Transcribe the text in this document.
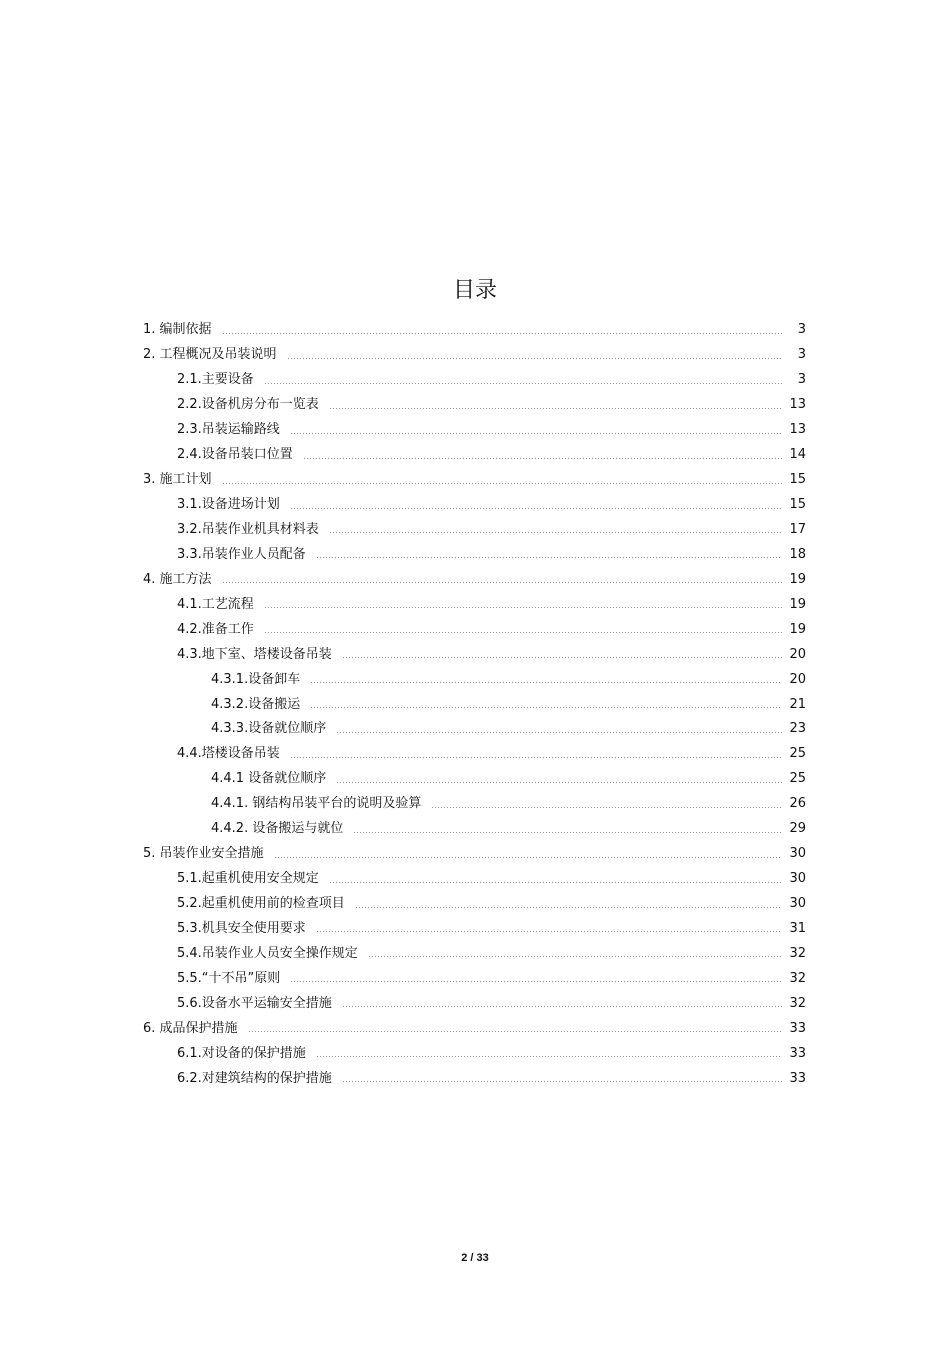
目录
1. 编制依据	3
2. 工程概况及吊装说明	3
2.1.主要设备	3
2.2.设备机房分布一览表	13
2.3.吊装运输路线	13
2.4.设备吊装口位置	14
3. 施工计划	15
3.1.设备进场计划	15
3.2.吊装作业机具材料表	17
3.3.吊装作业人员配备	18
4. 施工方法	19
4.1.工艺流程	19
4.2.准备工作	19
4.3.地下室、塔楼设备吊装	20
4.3.1.设备卸车	20
4.3.2.设备搬运	21
4.3.3.设备就位顺序	23
4.4.塔楼设备吊装	25
4.4.1 设备就位顺序	25
4.4.1. 钢结构吊装平台的说明及验算	26
4.4.2. 设备搬运与就位	29
5. 吊装作业安全措施	30
5.1.起重机使用安全规定	30
5.2.起重机使用前的检查项目	30
5.3.机具安全使用要求	31
5.4.吊装作业人员安全操作规定	32
5.5.“十不吊”原则	32
5.6.设备水平运输安全措施	32
6. 成品保护措施	33
6.1.对设备的保护措施	33
6.2.对建筑结构的保护措施	33
2 / 33
